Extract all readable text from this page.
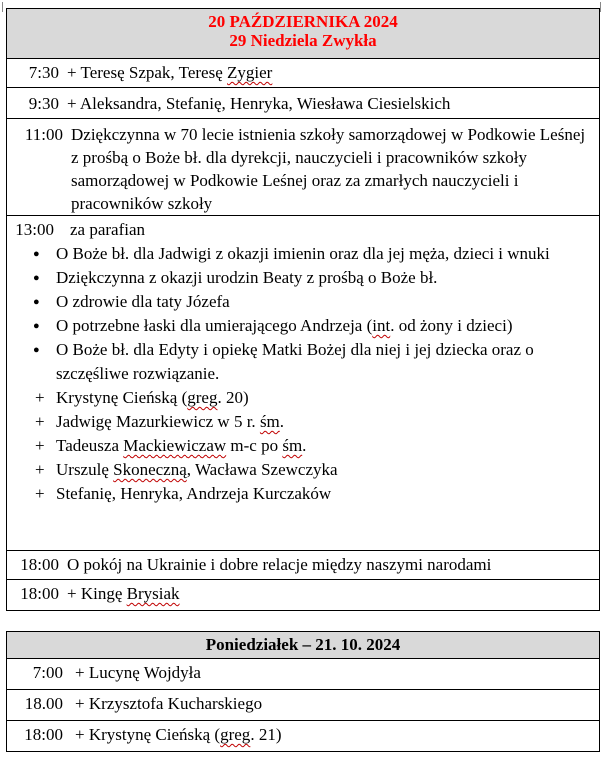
20 PAŹDZIERNIKA 2024
29 Niedziela Zwykła

7:30 + Teresę Szpak, Teresę Zygier

9:30 + Aleksandra, Stefanię, Henryka, Wiesława Ciesielskich

11:00 Dziękczynna w 70 lecie istnienia szkoły samorządowej w Podkowie Leśnej z prośbą o Boże bł. dla dyrekcji, nauczycieli i pracowników szkoły samorządowej w Podkowie Leśnej oraz za zmarłych nauczycieli i pracowników szkoły

13:00 za parafian
● O Boże bł. dla Jadwigi z okazji imienin oraz dla jej męża, dzieci i wnuki
● Dziękczynna z okazji urodzin Beaty z prośbą o Boże bł.
● O zdrowie dla taty Józefa
● O potrzebne łaski dla umierającego Andrzeja (int. od żony i dzieci)
● O Boże bł. dla Edyty i opiekę Matki Bożej dla niej i jej dziecka oraz o szczęśliwe rozwiązanie.
+ Krystynę Cieńską (greg. 20)
+ Jadwigę Mazurkiewicz w 5 r. śm.
+ Tadeusza Mackiewiczaw m-c po śm.
+ Urszulę Skoneczną, Wacława Szewczyka
+ Stefanię, Henryka, Andrzeja Kurczaków

18:00 O pokój na Ukrainie i dobre relacje między naszymi narodami

18:00 + Kingę Brysiak
Poniedziałek – 21. 10. 2024

7:00 + Lucynę Wojdyła

18.00 + Krzysztofa Kucharskiego

18:00 + Krystynę Cieńską (greg. 21)
